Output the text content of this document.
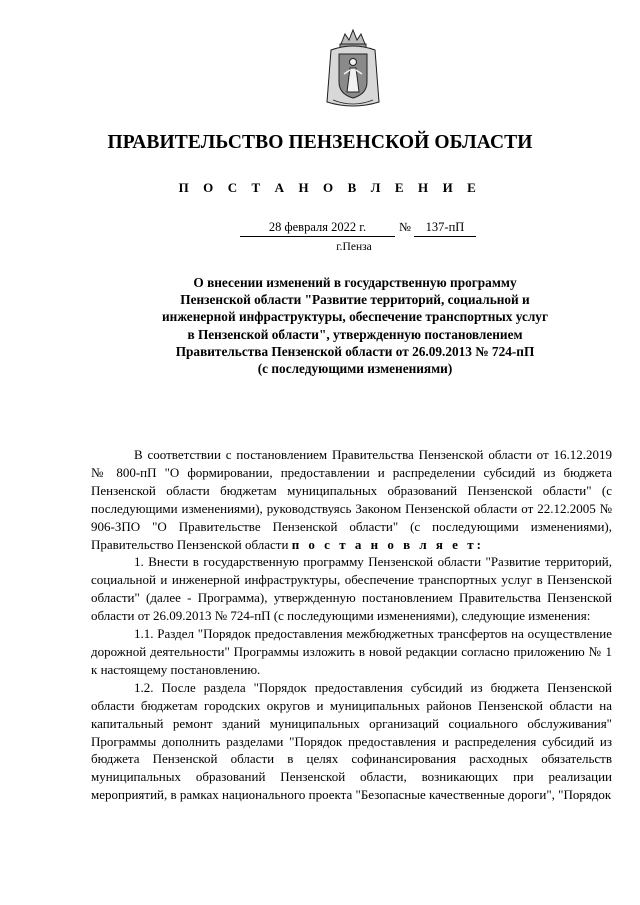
ПРАВИТЕЛЬСТВО ПЕНЗЕНСКОЙ ОБЛАСТИ
П О С Т А Н О В Л Е Н И Е
28 февраля 2022 г.	№	137-пП
г.Пенза
О внесении изменений в государственную программу
Пензенской области "Развитие территорий, социальной и
инженерной инфраструктуры, обеспечение транспортных услуг
в Пензенской области", утвержденную постановлением
Правительства Пензенской области от 26.09.2013 № 724-пП
(с последующими изменениями)

В соответствии с постановлением Правительства Пензенской области от 16.12.2019 № 800-пП "О формировании, предоставлении и распределении субсидий из бюджета Пензенской области бюджетам муниципальных образований Пензенской области" (с последующими изменениями), руководствуясь Законом Пензенской области от 22.12.2005 № 906-ЗПО "О Правительстве Пензенской области" (с последующими изменениями), Правительство Пензенской области п о с т а н о в л я е т:

1. Внести в государственную программу Пензенской области "Развитие территорий, социальной и инженерной инфраструктуры, обеспечение транспортных услуг в Пензенской области" (далее - Программа), утвержденную постановлением Правительства Пензенской области от 26.09.2013 № 724-пП (с последующими изменениями), следующие изменения:

1.1. Раздел "Порядок предоставления межбюджетных трансфертов на осуществление дорожной деятельности" Программы изложить в новой редакции согласно приложению № 1 к настоящему постановлению.

1.2. После раздела "Порядок предоставления субсидий из бюджета Пензенской области бюджетам городских округов и муниципальных районов Пензенской области на капитальный ремонт зданий муниципальных организаций социального обслуживания" Программы дополнить разделами "Порядок предоставления и распределения субсидий из бюджета Пензенской области в целях софинансирования расходных обязательств муниципальных образований Пензенской области, возникающих при реализации мероприятий, в рамках национального проекта "Безопасные качественные дороги", "Порядок
